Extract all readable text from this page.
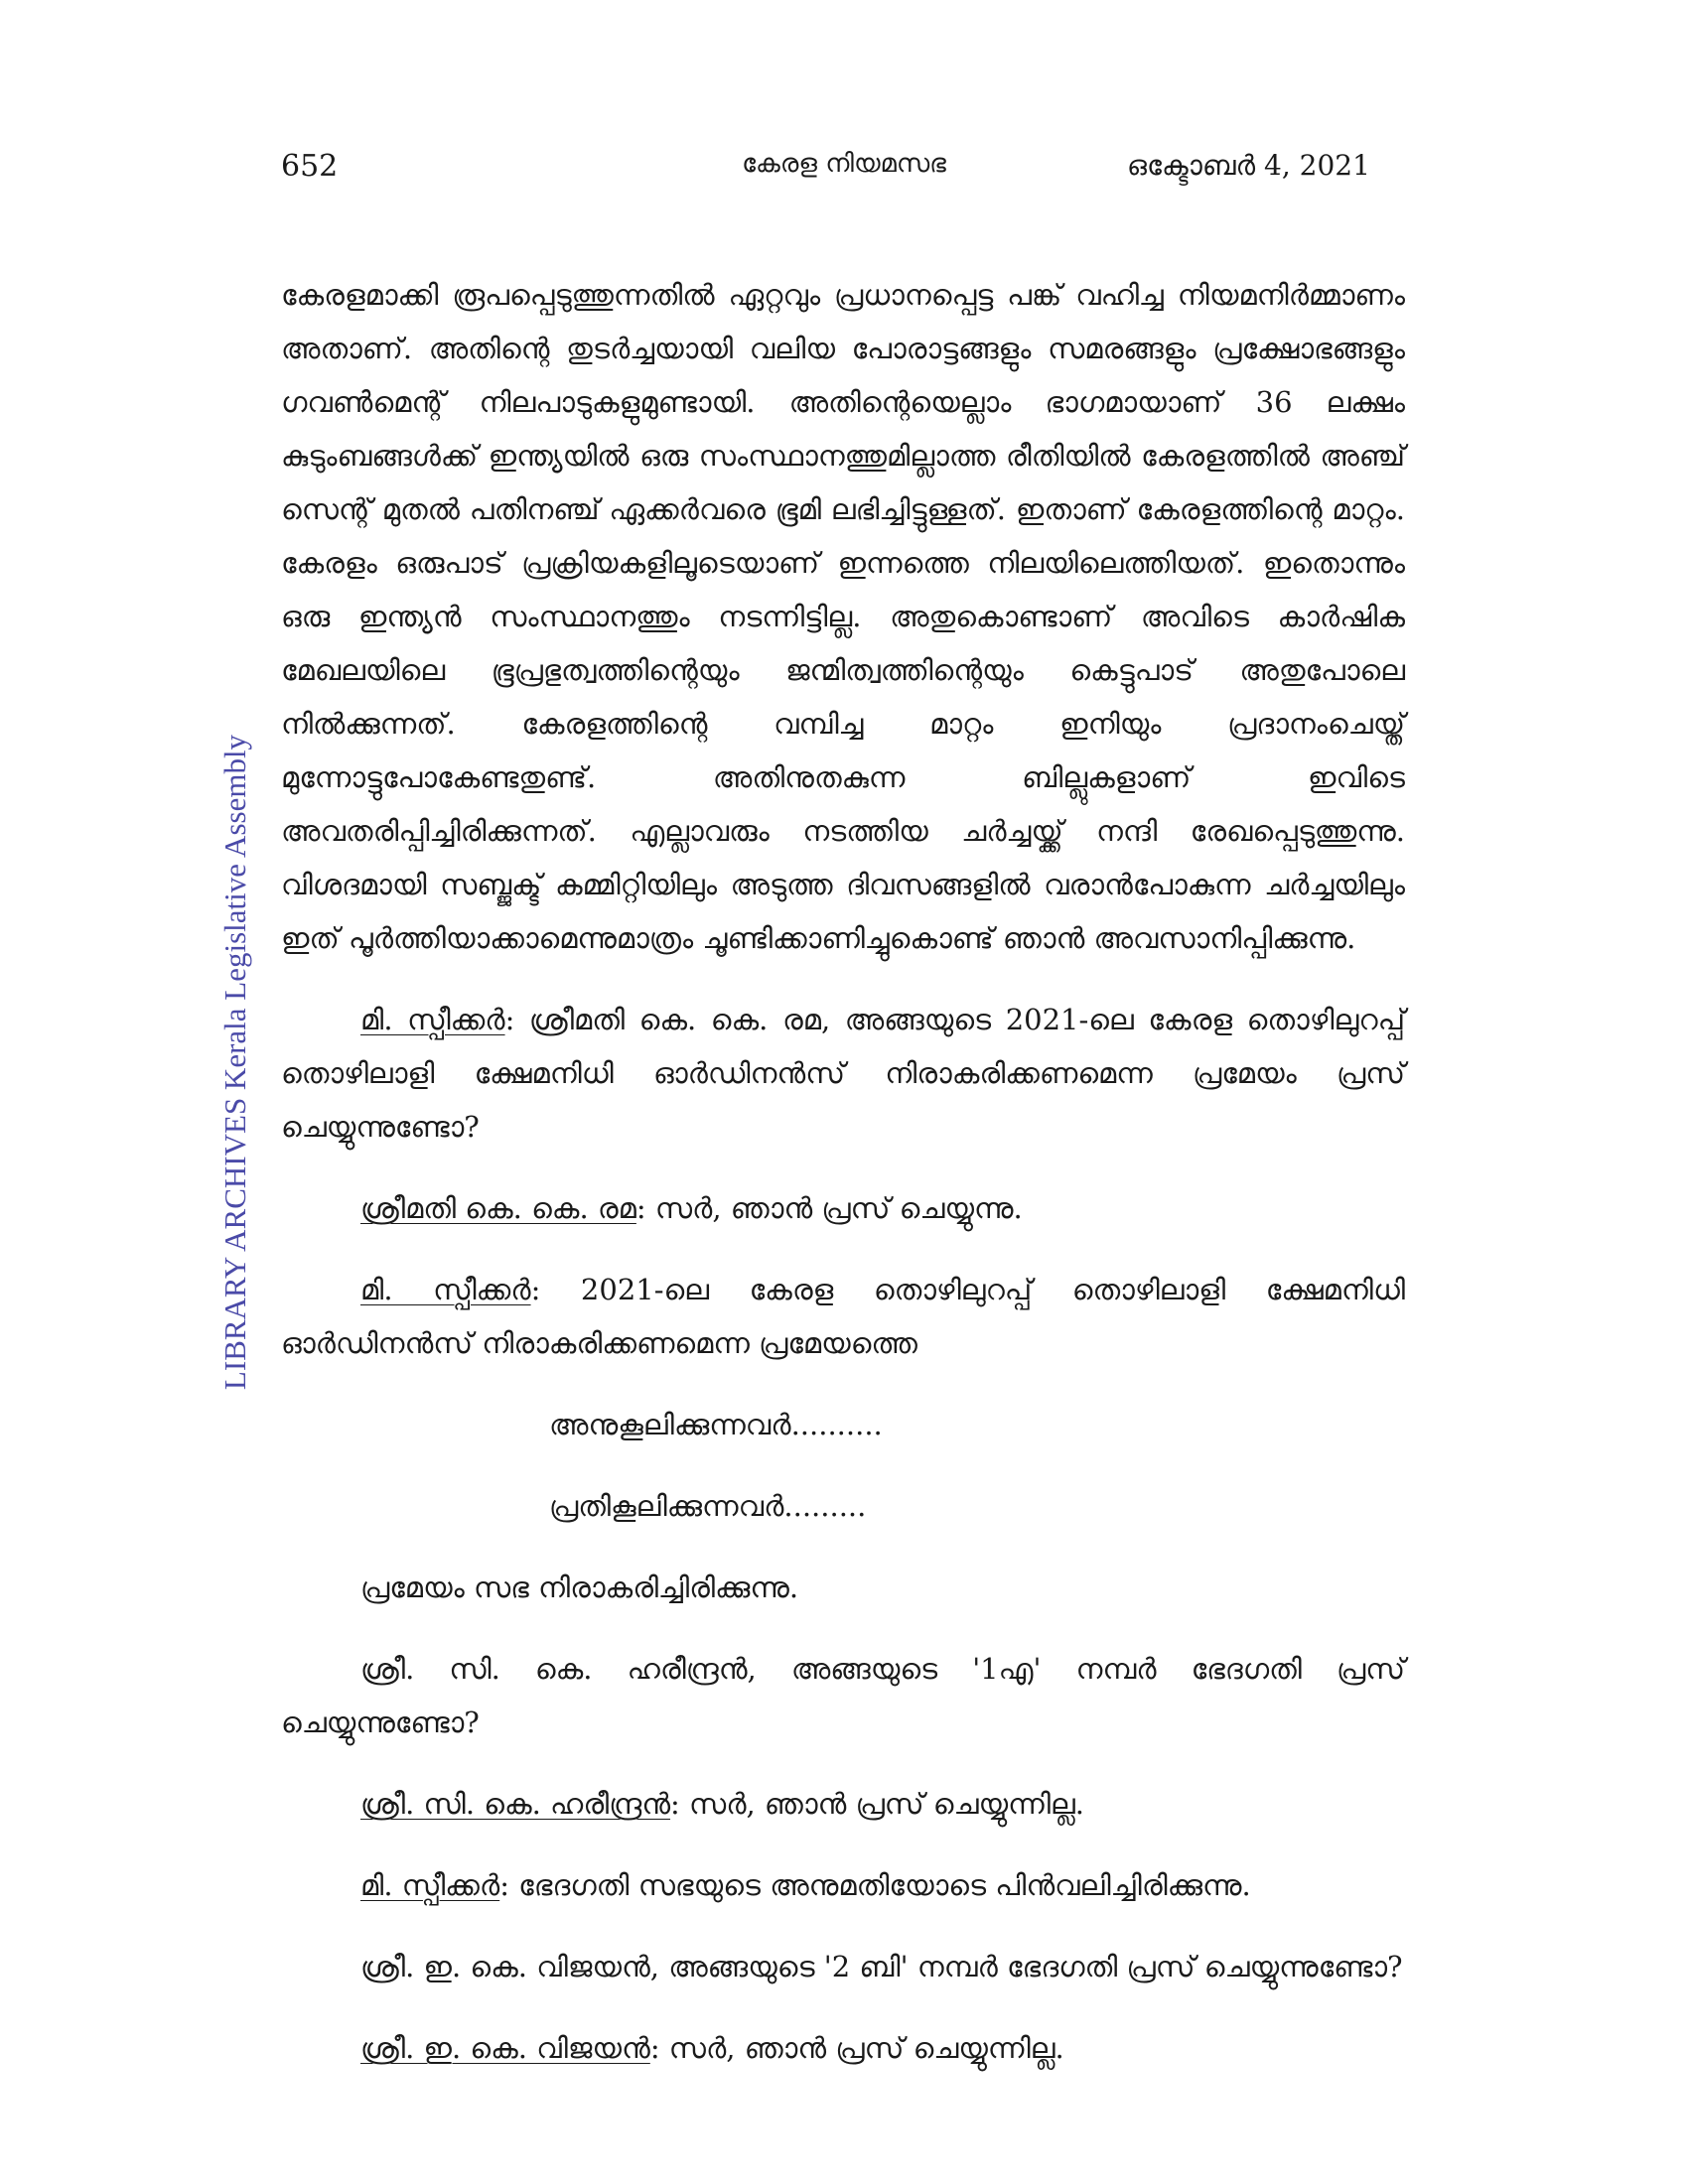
652	കേരള നിയമസഭ	ഒക്ടോബർ 4, 2021
LIBRARY ARCHIVES Kerala Legislative Assembly

കേരളമാക്കി രൂപപ്പെടുത്തുന്നതിൽ ഏറ്റവും പ്രധാനപ്പെട്ട പങ്ക് വഹിച്ച നിയമനിർമ്മാണം അതാണ്. അതിന്റെ തുടർച്ചയായി വലിയ പോരാട്ടങ്ങളും സമരങ്ങളും പ്രക്ഷോഭങ്ങളും ഗവൺമെന്റ് നിലപാടുകളുമുണ്ടായി. അതിന്റെയെല്ലാം ഭാഗമായാണ് 36 ലക്ഷം കുടുംബങ്ങൾക്ക് ഇന്ത്യയിൽ ഒരു സംസ്ഥാനത്തുമില്ലാത്ത രീതിയിൽ കേരളത്തിൽ അഞ്ച് സെന്റ് മുതൽ പതിനഞ്ച് ഏക്കർവരെ ഭൂമി ലഭിച്ചിട്ടുള്ളത്. ഇതാണ് കേരളത്തിന്റെ മാറ്റം. കേരളം ഒരുപാട് പ്രക്രിയകളിലൂടെയാണ് ഇന്നത്തെ നിലയിലെത്തിയത്. ഇതൊന്നും ഒരു ഇന്ത്യൻ സംസ്ഥാനത്തും നടന്നിട്ടില്ല. അതുകൊണ്ടാണ് അവിടെ കാർഷിക മേഖലയിലെ ഭൂപ്രഭുത്വത്തിന്റെയും ജന്മിത്വത്തിന്റെയും കെട്ടുപാട് അതുപോലെ നിൽക്കുന്നത്. കേരളത്തിന്റെ വമ്പിച്ച മാറ്റം ഇനിയും പ്രദാനംചെയ്ത് മുന്നോട്ടുപോകേണ്ടതുണ്ട്. അതിനുതകുന്ന ബില്ലുകളാണ് ഇവിടെ അവതരിപ്പിച്ചിരിക്കുന്നത്. എല്ലാവരും നടത്തിയ ചർച്ചയ്ക്ക് നന്ദി രേഖപ്പെടുത്തുന്നു. വിശദമായി സബ്ജക്ട് കമ്മിറ്റിയിലും അടുത്ത ദിവസങ്ങളിൽ വരാൻപോകുന്ന ചർച്ചയിലും ഇത് പൂർത്തിയാക്കാമെന്നുമാത്രം ചൂണ്ടിക്കാണിച്ചുകൊണ്ട് ഞാൻ അവസാനിപ്പിക്കുന്നു.

മി. സ്പീക്കർ: ശ്രീമതി കെ. കെ. രമ, അങ്ങയുടെ 2021-ലെ കേരള തൊഴിലുറപ്പ് തൊഴിലാളി ക്ഷേമനിധി ഓർഡിനൻസ് നിരാകരിക്കണമെന്ന പ്രമേയം പ്രസ് ചെയ്യുന്നുണ്ടോ?

ശ്രീമതി കെ. കെ. രമ: സർ, ഞാൻ പ്രസ് ചെയ്യുന്നു.

മി. സ്പീക്കർ: 2021-ലെ കേരള തൊഴിലുറപ്പ് തൊഴിലാളി ക്ഷേമനിധി ഓർഡിനൻസ് നിരാകരിക്കണമെന്ന പ്രമേയത്തെ

അനുകൂലിക്കുന്നവർ..........
പ്രതികൂലിക്കുന്നവർ.........

പ്രമേയം സഭ നിരാകരിച്ചിരിക്കുന്നു.

ശ്രീ. സി. കെ. ഹരീന്ദ്രൻ, അങ്ങയുടെ '1എ' നമ്പർ ഭേദഗതി പ്രസ് ചെയ്യുന്നുണ്ടോ?

ശ്രീ. സി. കെ. ഹരീന്ദ്രൻ: സർ, ഞാൻ പ്രസ് ചെയ്യുന്നില്ല.

മി. സ്പീക്കർ: ഭേദഗതി സഭയുടെ അനുമതിയോടെ പിൻവലിച്ചിരിക്കുന്നു.

ശ്രീ. ഇ. കെ. വിജയൻ, അങ്ങയുടെ '2 ബി' നമ്പർ ഭേദഗതി പ്രസ് ചെയ്യുന്നുണ്ടോ?

ശ്രീ. ഇ. കെ. വിജയൻ: സർ, ഞാൻ പ്രസ് ചെയ്യുന്നില്ല.
